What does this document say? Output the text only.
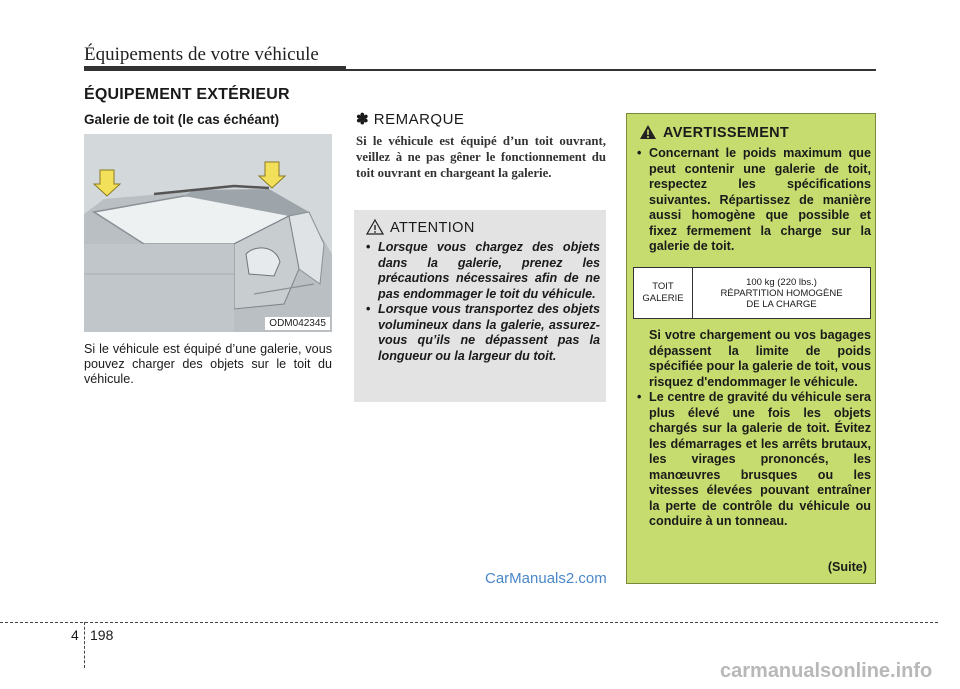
Équipements de votre véhicule
ÉQUIPEMENT EXTÉRIEUR
Galerie de toit (le cas échéant)
ODM042345
Si le véhicule est équipé d’une galerie, vous pouvez charger des objets sur le toit du véhicule.
✽ REMARQUE
Si le véhicule est équipé d’un toit ouvrant, veillez à ne pas gêner le fonctionnement du toit ouvrant en chargeant la galerie.
ATTENTION
• Lorsque vous chargez des objets dans la galerie, prenez les précautions nécessaires afin de ne pas endommager le toit du véhicule.
• Lorsque vous transportez des objets volumineux dans la galerie, assurez-vous qu’ils ne dépassent pas la longueur ou la largeur du toit.
AVERTISSEMENT
• Concernant le poids maximum que peut contenir une galerie de toit, respectez les spécifications suivantes. Répartissez de manière aussi homogène que possible et fixez fermement la charge sur la galerie de toit.
TOIT
GALERIE
100 kg (220 lbs.)
RÉPARTITION HOMOGÈNE
DE LA CHARGE
Si votre chargement ou vos bagages dépassent la limite de poids spécifiée pour la galerie de toit, vous risquez d'endommager le véhicule.
• Le centre de gravité du véhicule sera plus élevé une fois les objets chargés sur la galerie de toit. Évitez les démarrages et les arrêts brutaux, les virages prononcés, les manœuvres brusques ou les vitesses élevées pouvant entraîner la perte de contrôle du véhicule ou conduire à un tonneau.
(Suite)
CarManuals2.com
4 198
carmanualsonline.info
